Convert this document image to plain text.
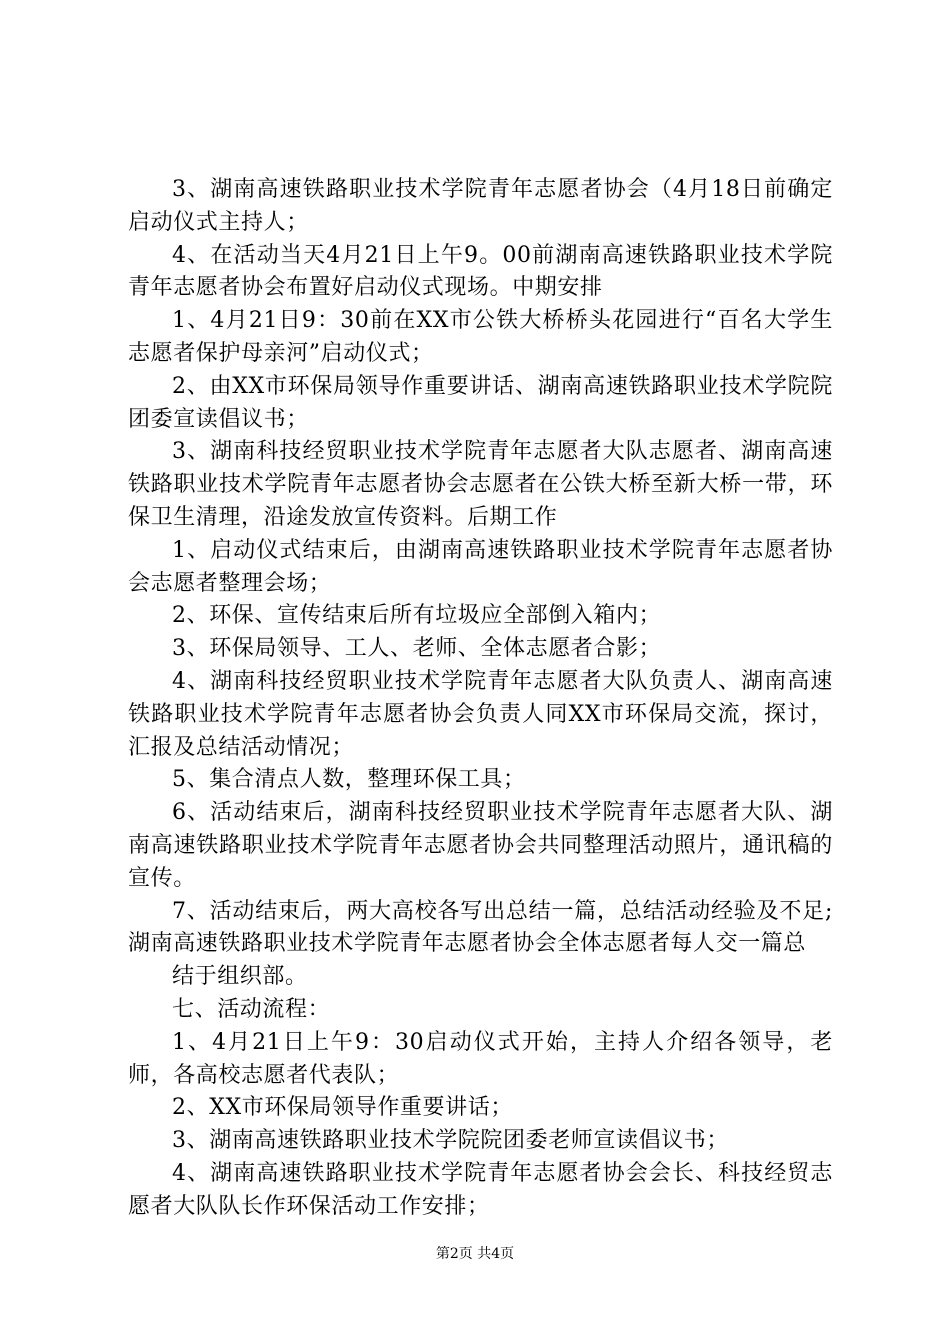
3、湖南高速铁路职业技术学院青年志愿者协会（4月18日前确定启动仪式主持人；

4、在活动当天4月21日上午9。00前湖南高速铁路职业技术学院青年志愿者协会布置好启动仪式现场。中期安排

1、4月21日9：30前在XX市公铁大桥桥头花园进行“百名大学生志愿者保护母亲河”启动仪式；

2、由XX市环保局领导作重要讲话、湖南高速铁路职业技术学院院团委宣读倡议书；

3、湖南科技经贸职业技术学院青年志愿者大队志愿者、湖南高速铁路职业技术学院青年志愿者协会志愿者在公铁大桥至新大桥一带，环保卫生清理，沿途发放宣传资料。后期工作

1、启动仪式结束后，由湖南高速铁路职业技术学院青年志愿者协会志愿者整理会场；

2、环保、宣传结束后所有垃圾应全部倒入箱内；

3、环保局领导、工人、老师、全体志愿者合影；

4、湖南科技经贸职业技术学院青年志愿者大队负责人、湖南高速铁路职业技术学院青年志愿者协会负责人同XX市环保局交流，探讨，汇报及总结活动情况；

5、集合清点人数，整理环保工具；

6、活动结束后，湖南科技经贸职业技术学院青年志愿者大队、湖南高速铁路职业技术学院青年志愿者协会共同整理活动照片，通讯稿的宣传。

7、活动结束后，两大高校各写出总结一篇，总结活动经验及不足;湖南高速铁路职业技术学院青年志愿者协会全体志愿者每人交一篇总

结于组织部。

七、活动流程：

1、4月21日上午9：30启动仪式开始，主持人介绍各领导，老师，各高校志愿者代表队；

2、XX市环保局领导作重要讲话；

3、湖南高速铁路职业技术学院院团委老师宣读倡议书；

4、湖南高速铁路职业技术学院青年志愿者协会会长、科技经贸志愿者大队队长作环保活动工作安排；

第2页 共4页
